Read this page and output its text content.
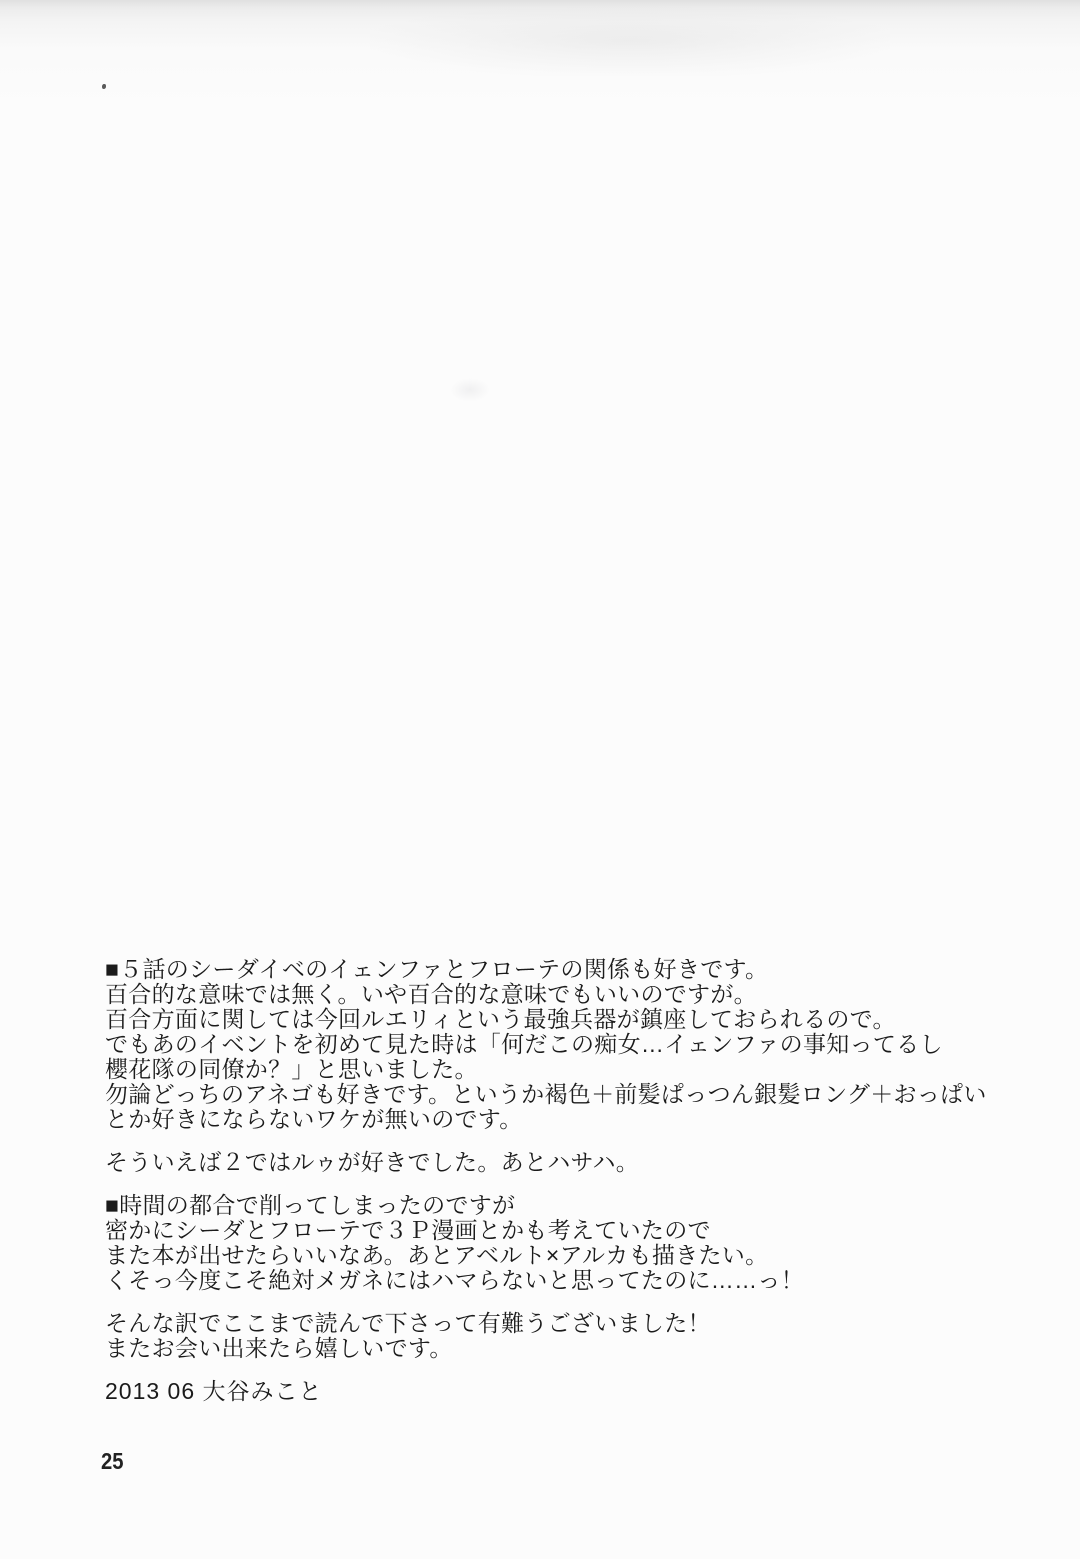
■５話のシーダイベのイェンファとフローテの関係も好きです。
百合的な意味では無く。いや百合的な意味でもいいのですが。
百合方面に関しては今回ルエリィという最強兵器が鎮座しておられるので。
でもあのイベントを初めて見た時は「何だこの痴女…イェンファの事知ってるし
櫻花隊の同僚か？」と思いました。
勿論どっちのアネゴも好きです。というか褐色＋前髪ぱっつん銀髪ロング＋おっぱい
とか好きにならないワケが無いのです。
そういえば２ではルゥが好きでした。あとハサハ。
■時間の都合で削ってしまったのですが
密かにシーダとフローテで３Ｐ漫画とかも考えていたので
また本が出せたらいいなあ。あとアベルト×アルカも描きたい。
くそっ今度こそ絶対メガネにはハマらないと思ってたのに……っ！
そんな訳でここまで読んで下さって有難うございました！
またお会い出来たら嬉しいです。
2013 06 大谷みこと
25
